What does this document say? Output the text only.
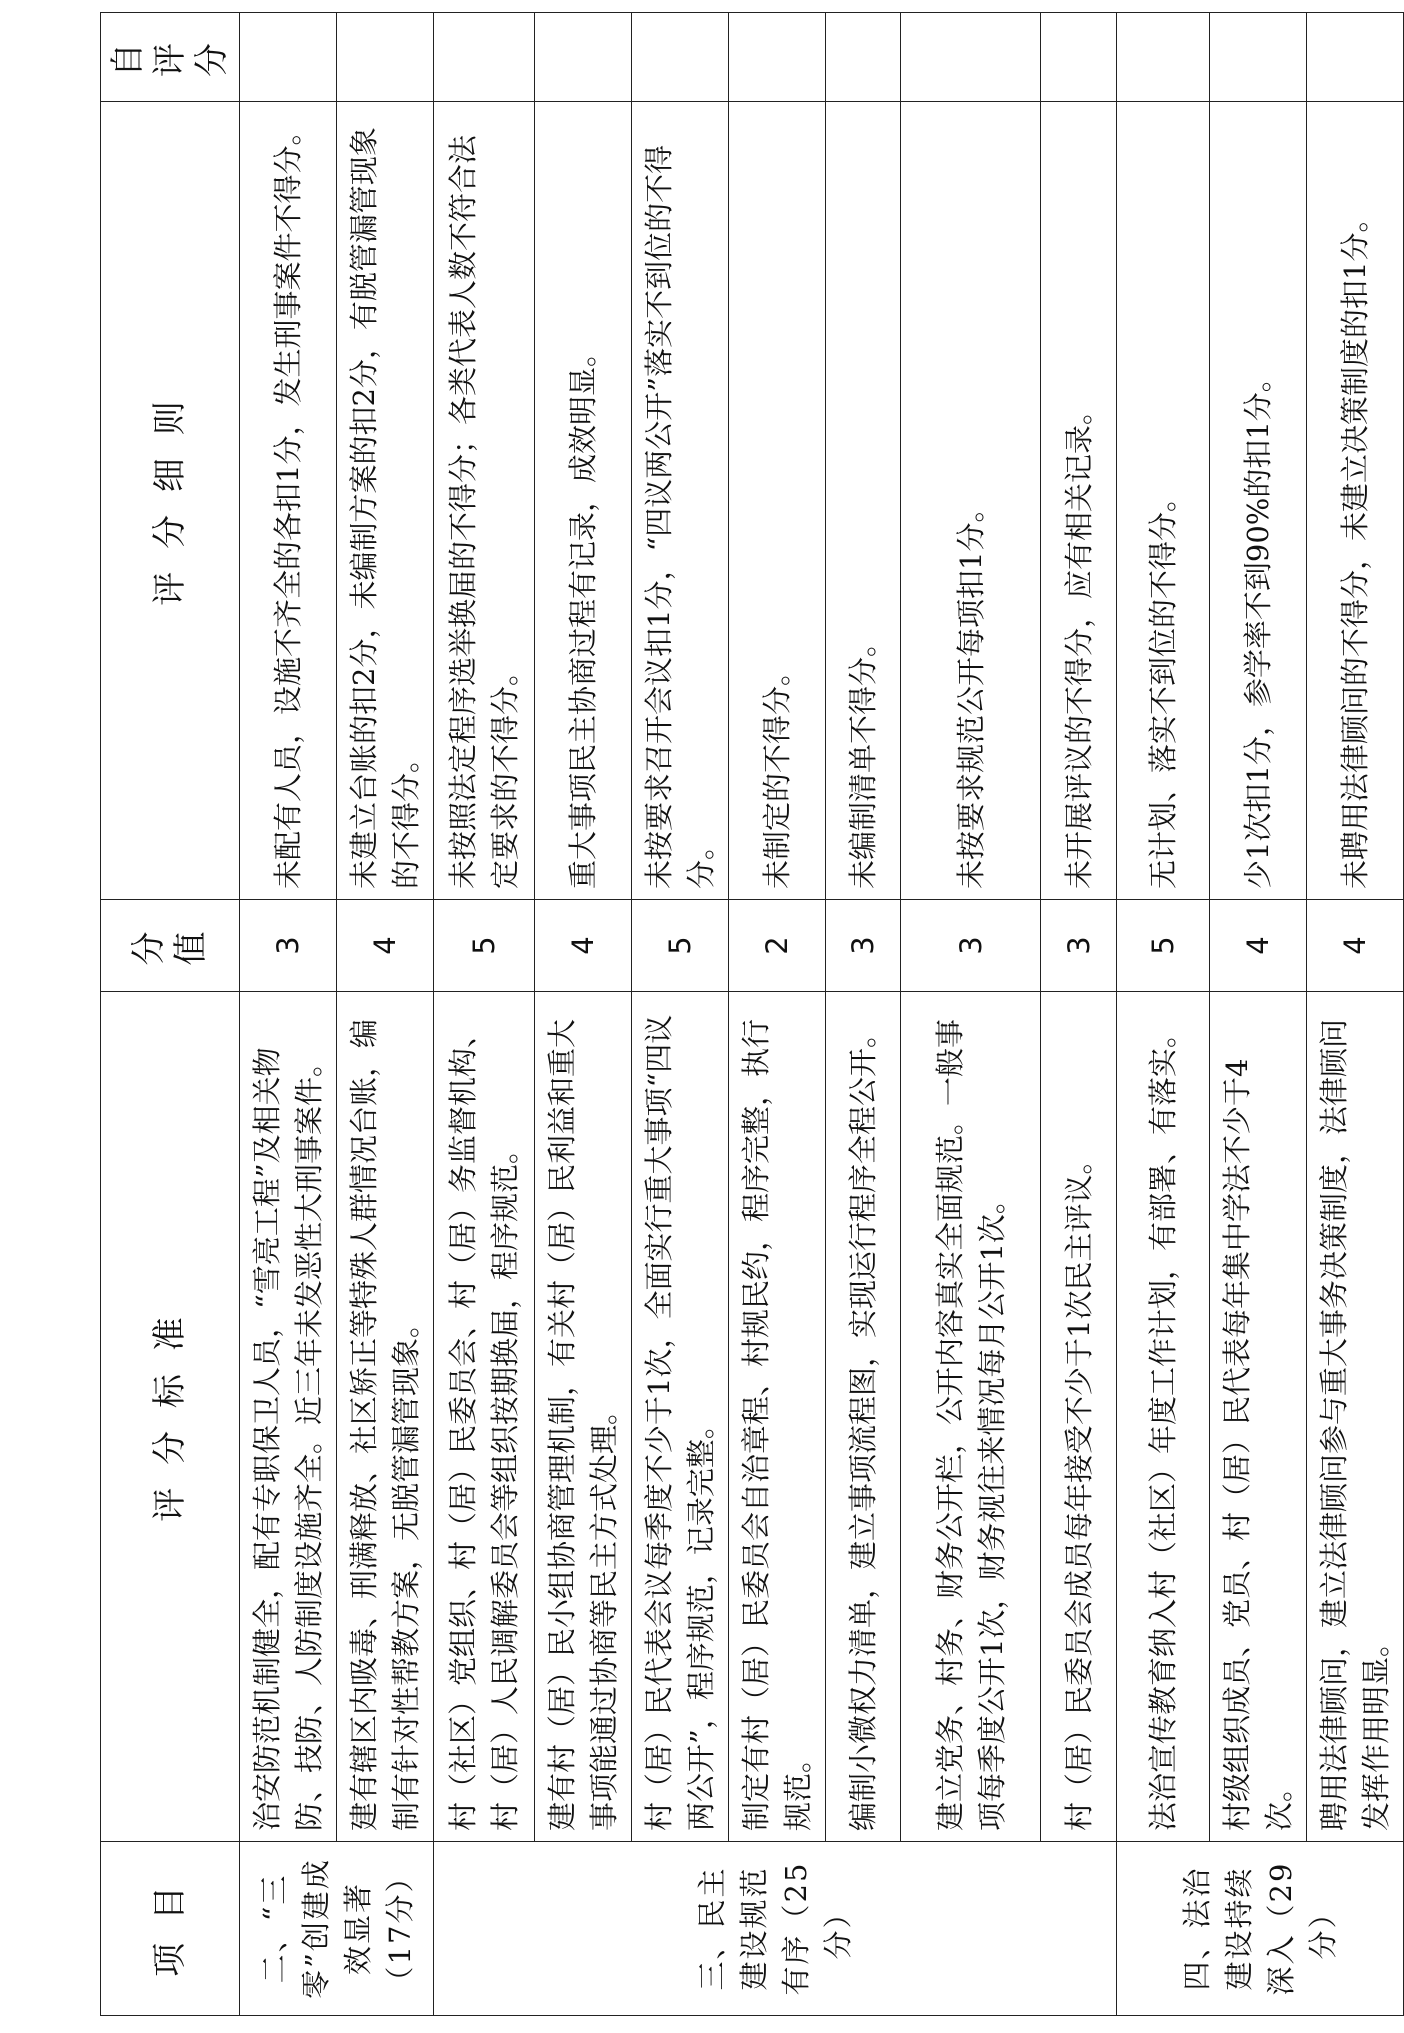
项 目	评 分 标 准	分值	评 分 细 则	自评分
二、“三零”创建成效显著（17分）	治安防范机制健全，配有专职保卫人员，“雪亮工程”及相关物防、技防、人防制度设施齐全。近三年未发恶性大刑事案件。	3	未配有人员，设施不齐全的各扣1分，发生刑事案件不得分。	
	建有辖区内吸毒、刑满释放、社区矫正等特殊人群情况台账，编制有针对性帮教方案，无脱管漏管现象。	4	未建立台账的扣2分，未编制方案的扣2分，有脱管漏管现象的不得分。	
三、民主建设规范有序（25分）	村（社区）党组织、村（居）民委员会、村（居）务监督机构、村（居）人民调解委员会等组织按期换届，程序规范。	5	未按照法定程序选举换届的不得分；各类代表人数不符合法定要求的不得分。	
	建有村（居）民小组协商管理机制，有关村（居）民利益和重大事项能通过协商等民主方式处理。	4	重大事项民主协商过程有记录，成效明显。	
	村（居）民代表会议每季度不少于1次，全面实行重大事项“四议两公开”，程序规范，记录完整。	5	未按要求召开会议扣1分，“四议两公开”落实不到位的不得分。	
	制定有村（居）民委员会自治章程、村规民约，程序完整，执行规范。	2	未制定的不得分。	
	编制小微权力清单，建立事项流程图，实现运行程序全程公开。	3	未编制清单不得分。	
	建立党务、村务、财务公开栏，公开内容真实全面规范。一般事项每季度公开1次，财务视往来情况每月公开1次。	3	未按要求规范公开每项扣1分。	
	村（居）民委员会成员每年接受不少于1次民主评议。	3	未开展评议的不得分，应有相关记录。	
四、法治建设持续深入（29分）	法治宣传教育纳入村（社区）年度工作计划，有部署、有落实。	5	无计划、落实不到位的不得分。	
	村级组织成员、党员、村（居）民代表每年集中学法不少于4次。	4	少1次扣1分，参学率不到90%的扣1分。	
	聘用法律顾问，建立法律顾问参与重大事务决策制度，法律顾问发挥作用明显。	4	未聘用法律顾问的不得分，未建立决策制度的扣1分。	
